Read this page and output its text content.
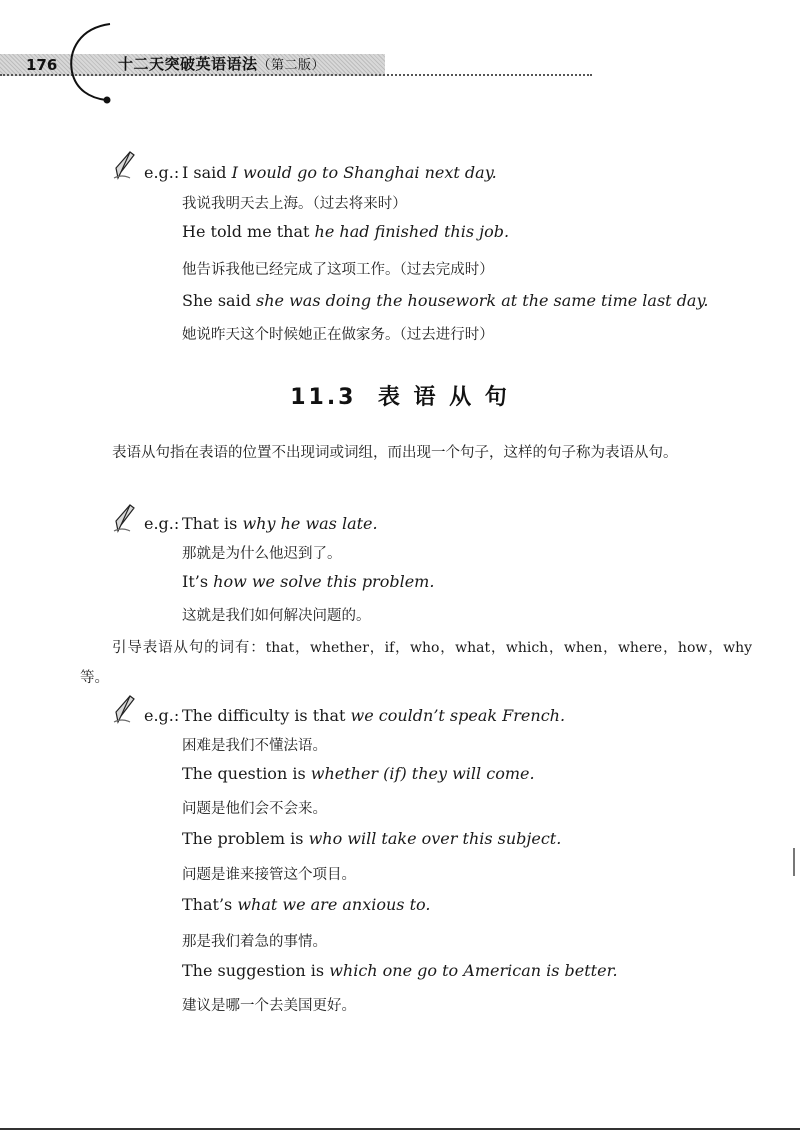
176	十二天突破英语语法（第二版）
e.g.: I said I would go to Shanghai next day.
我说我明天去上海。（过去将来时）
He told me that he had finished this job.
他告诉我他已经完成了这项工作。（过去完成时）
She said she was doing the housework at the same time last day.
她说昨天这个时候她正在做家务。（过去进行时）
11.3 表 语 从 句
表语从句指在表语的位置不出现词或词组，而出现一个句子，这样的句子称为表语从句。
e.g.: That is why he was late.
那就是为什么他迟到了。
It’s how we solve this problem.
这就是我们如何解决问题的。
引导表语从句的词有：that，whether，if，who，what，which，when，where，how，why等。
e.g.: The difficulty is that we couldn’t speak French.
困难是我们不懂法语。
The question is whether (if) they will come.
问题是他们会不会来。
The problem is who will take over this subject.
问题是谁来接管这个项目。
That’s what we are anxious to.
那是我们着急的事情。
The suggestion is which one go to American is better.
建议是哪一个去美国更好。
